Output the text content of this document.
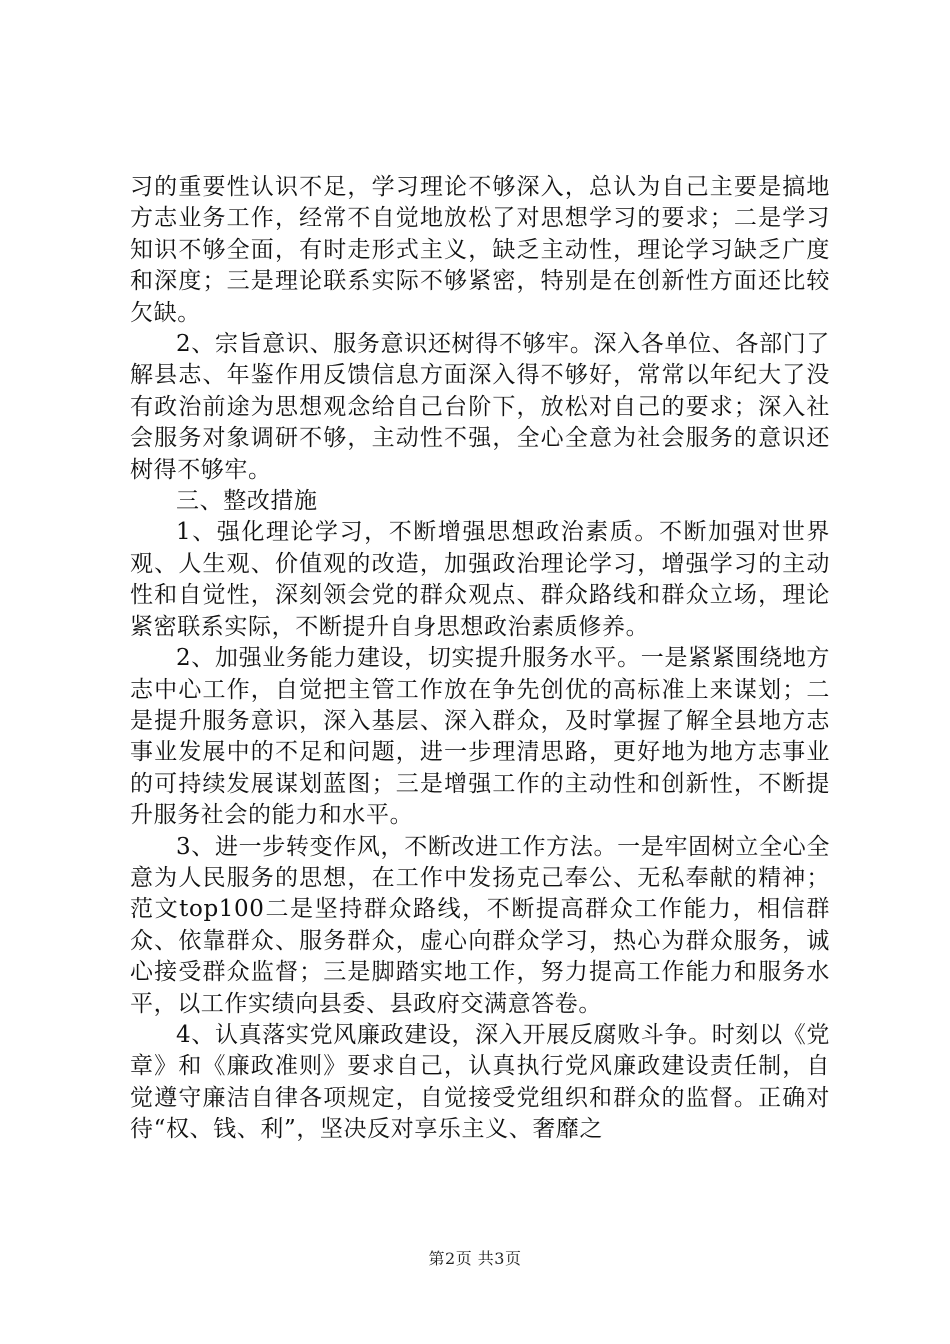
习的重要性认识不足，学习理论不够深入，总认为自己主要是搞地方志业务工作，经常不自觉地放松了对思想学习的要求；二是学习知识不够全面，有时走形式主义，缺乏主动性，理论学习缺乏广度和深度；三是理论联系实际不够紧密，特别是在创新性方面还比较欠缺。

2、宗旨意识、服务意识还树得不够牢。深入各单位、各部门了解县志、年鉴作用反馈信息方面深入得不够好，常常以年纪大了没有政治前途为思想观念给自己台阶下，放松对自己的要求；深入社会服务对象调研不够，主动性不强，全心全意为社会服务的意识还树得不够牢。

三、整改措施

1、强化理论学习，不断增强思想政治素质。不断加强对世界观、人生观、价值观的改造，加强政治理论学习，增强学习的主动性和自觉性，深刻领会党的群众观点、群众路线和群众立场，理论紧密联系实际，不断提升自身思想政治素质修养。

2、加强业务能力建设，切实提升服务水平。一是紧紧围绕地方志中心工作，自觉把主管工作放在争先创优的高标准上来谋划；二是提升服务意识，深入基层、深入群众，及时掌握了解全县地方志事业发展中的不足和问题，进一步理清思路，更好地为地方志事业的可持续发展谋划蓝图；三是增强工作的主动性和创新性，不断提升服务社会的能力和水平。

3、进一步转变作风，不断改进工作方法。一是牢固树立全心全意为人民服务的思想，在工作中发扬克己奉公、无私奉献的精神；范文top100二是坚持群众路线，不断提高群众工作能力，相信群众、依靠群众、服务群众，虚心向群众学习，热心为群众服务，诚心接受群众监督；三是脚踏实地工作，努力提高工作能力和服务水平，以工作实绩向县委、县政府交满意答卷。

4、认真落实党风廉政建设，深入开展反腐败斗争。时刻以《党章》和《廉政准则》要求自己，认真执行党风廉政建设责任制，自觉遵守廉洁自律各项规定，自觉接受党组织和群众的监督。正确对待“权、钱、利”，坚决反对享乐主义、奢靡之

第2页 共3页
